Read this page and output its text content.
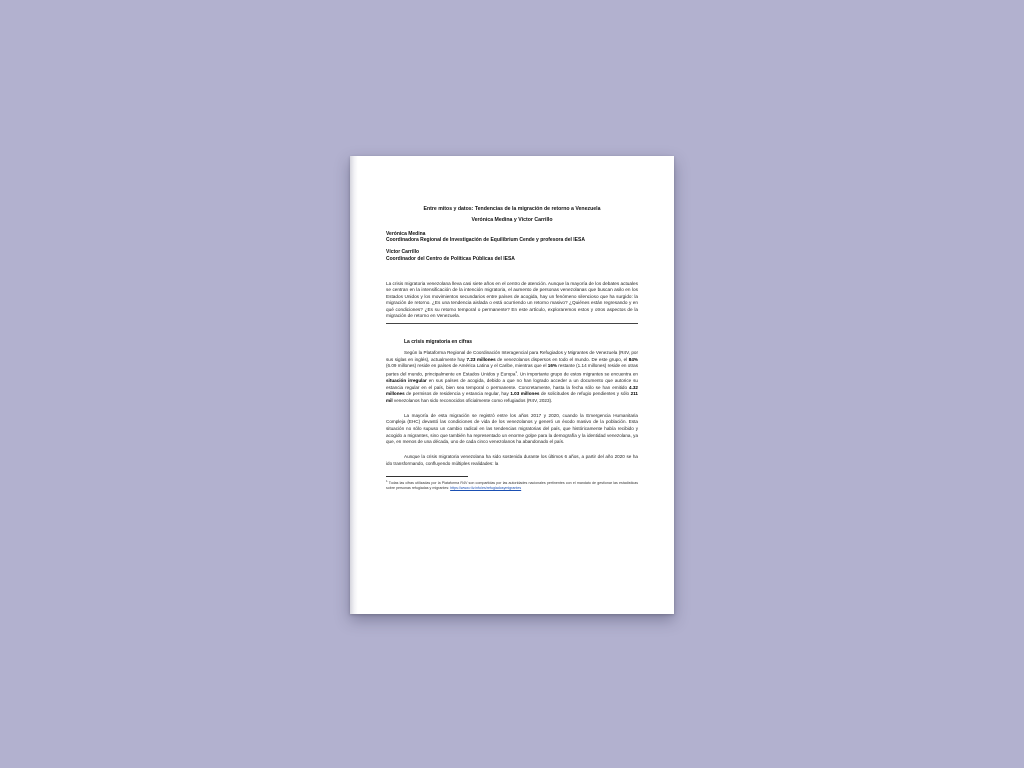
Entre mitos y datos: Tendencias de la migración de retorno a Venezuela
Verónica Medina y Víctor Carrillo
Verónica Medina
Coordinadora Regional de Investigación de Equilibrium Cende y profesora del IESA
Víctor Carrillo
Coordinador del Centro de Políticas Públicas del IESA
La crisis migratoria venezolana lleva casi siete años en el centro de atención. Aunque la mayoría de los debates actuales se centran en la intensificación de la intención migratoria, el aumento de personas venezolanas que buscan asilo en los Estados Unidos y los movimientos secundarios entre países de acogida, hay un fenómeno silencioso que ha surgido: la migración de retorno. ¿Es una tendencia aislada o está ocurriendo un retorno masivo? ¿Quiénes están regresando y en qué condiciones? ¿Es su retorno temporal o permanente? En este artículo, exploraremos estos y otros aspectos de la migración de retorno en Venezuela.
La crisis migratoria en cifras
Según la Plataforma Regional de Coordinación Interagencial para Refugiados y Migrantes de Venezuela (R4V, por sus siglas en inglés), actualmente hay 7.23 millones de venezolanos dispersos en todo el mundo. De este grupo, el 84% (6.09 millones) reside en países de América Latina y el Caribe, mientras que el 16% restante (1.14 millones) reside en otras partes del mundo, principalmente en Estados Unidos y Europa$^1$. Un importante grupo de estos migrantes se encuentra en situación irregular en sus países de acogida, debido a que no han logrado acceder a un documento que autorice su estancia regular en el país, bien sea temporal o permanente. Concretamente, hasta la fecha sólo se han emitido 4.32 millones de permisos de residencia y estancia regular, hay 1.03 millones de solicitudes de refugio pendientes y sólo 211 mil venezolanos han sido reconocidos oficialmente como refugiados (R4V, 2023).
La mayoría de esta migración se registró entre los años 2017 y 2020, cuando la Emergencia Humanitaria Compleja (EHC) devastó las condiciones de vida de los venezolanos y generó un éxodo masivo de la población. Esta situación no sólo supuso un cambio radical en las tendencias migratorias del país, que históricamente había recibido y acogido a migrantes, sino que también ha representado un enorme golpe para la demografía y la identidad venezolana, ya que, en menos de una década, uno de cada cinco venezolanos ha abandonado el país.
Aunque la crisis migratoria venezolana ha sido sostenida durante los últimos 6 años, a partir del año 2020 se ha ido transformando, confluyendo múltiples realidades: la
$^1$ Todas las cifras utilizadas por la Plataforma R4V son compartidas por las autoridades nacionales pertinentes con el mandato de gestionar las estadísticas sobre personas refugiadas y migrantes: https://www.r4v.info/es/refugiadosymigrantes
